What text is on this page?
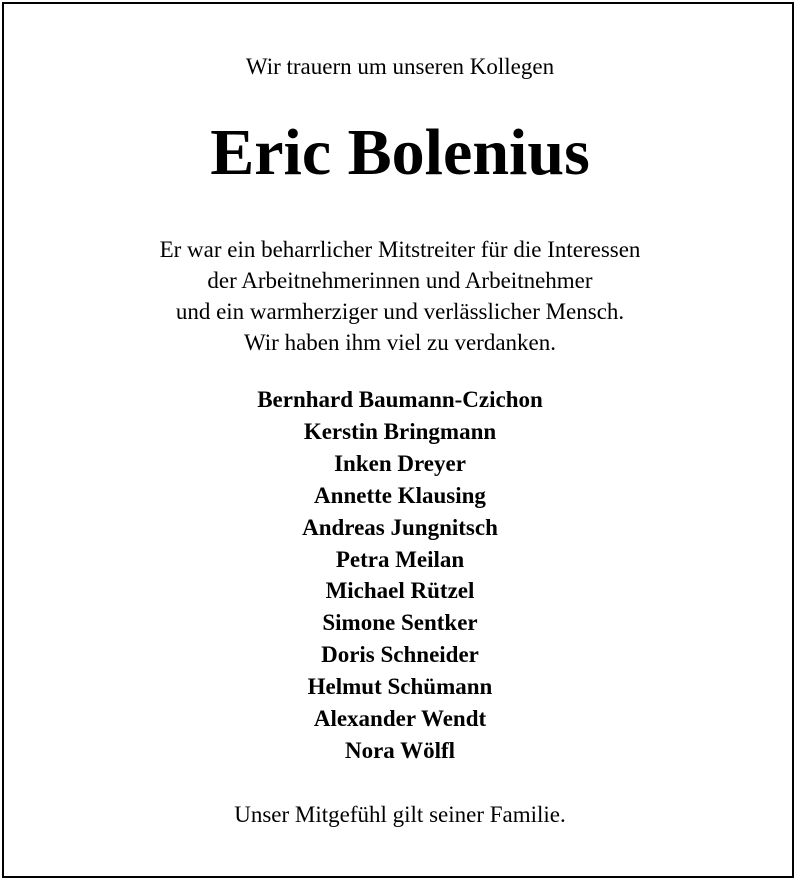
Wir trauern um unseren Kollegen
Eric Bolenius
Er war ein beharrlicher Mitstreiter für die Interessen
der Arbeitnehmerinnen und Arbeitnehmer
und ein warmherziger und verlässlicher Mensch.
Wir haben ihm viel zu verdanken.
Bernhard Baumann-Czichon
Kerstin Bringmann
Inken Dreyer
Annette Klausing
Andreas Jungnitsch
Petra Meilan
Michael Rützel
Simone Sentker
Doris Schneider
Helmut Schümann
Alexander Wendt
Nora Wölfl
Unser Mitgefühl gilt seiner Familie.
